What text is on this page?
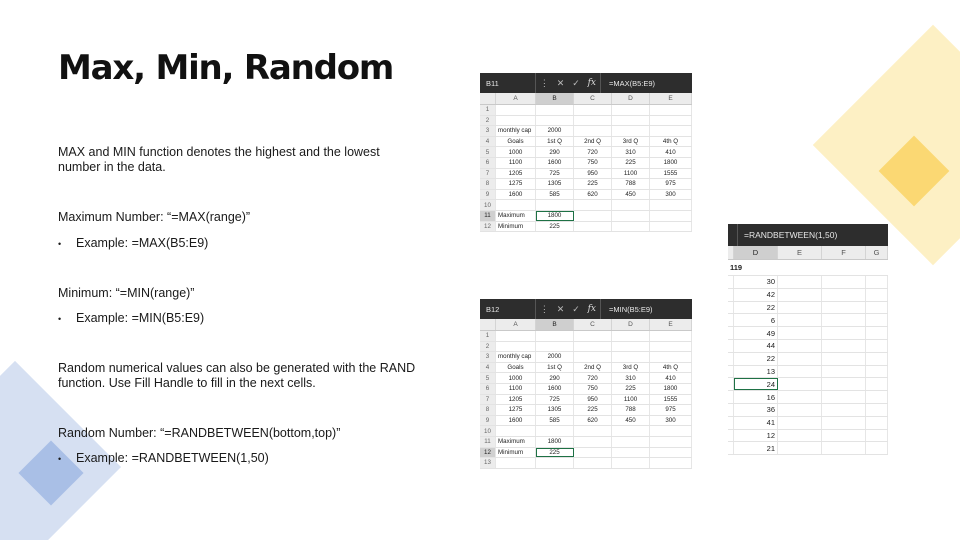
Max, Min, Random
MAX and MIN function denotes the highest and the lowest
number in the data.
Maximum Number: “=MAX(range)”
• Example: =MAX(B5:E9)
Minimum: “=MIN(range)”
• Example: =MIN(B5:E9)
Random numerical values can also be generated with the RAND
function. Use Fill Handle to fill in the next cells.
Random Number: “=RANDBETWEEN(bottom,top)”
• Example: =RANDBETWEEN(1,50)
B11	⋮ ✕ ✓ fx	=MAX(B5:E9)
A	B	C	D	E
1
2
3	monthly cap	2000
4	Goals	1st Q	2nd Q	3rd Q	4th Q
5	1000	290	720	310	410
6	1100	1600	750	225	1800
7	1205	725	950	1100	1555
8	1275	1305	225	788	975
9	1600	585	620	450	300
10
11	Maximum	1800
12	Minimum	225
B12	⋮ ✕ ✓ fx	=MIN(B5:E9)
A	B	C	D	E
1
2
3	monthly cap	2000
4	Goals	1st Q	2nd Q	3rd Q	4th Q
5	1000	290	720	310	410
6	1100	1600	750	225	1800
7	1205	725	950	1100	1555
8	1275	1305	225	788	975
9	1600	585	620	450	300
10
11	Maximum	1800
12	Minimum	225
13
=RANDBETWEEN(1,50)
D	E	F	G
119
30
42
22
6
49
44
22
13
24
16
36
41
12
21
